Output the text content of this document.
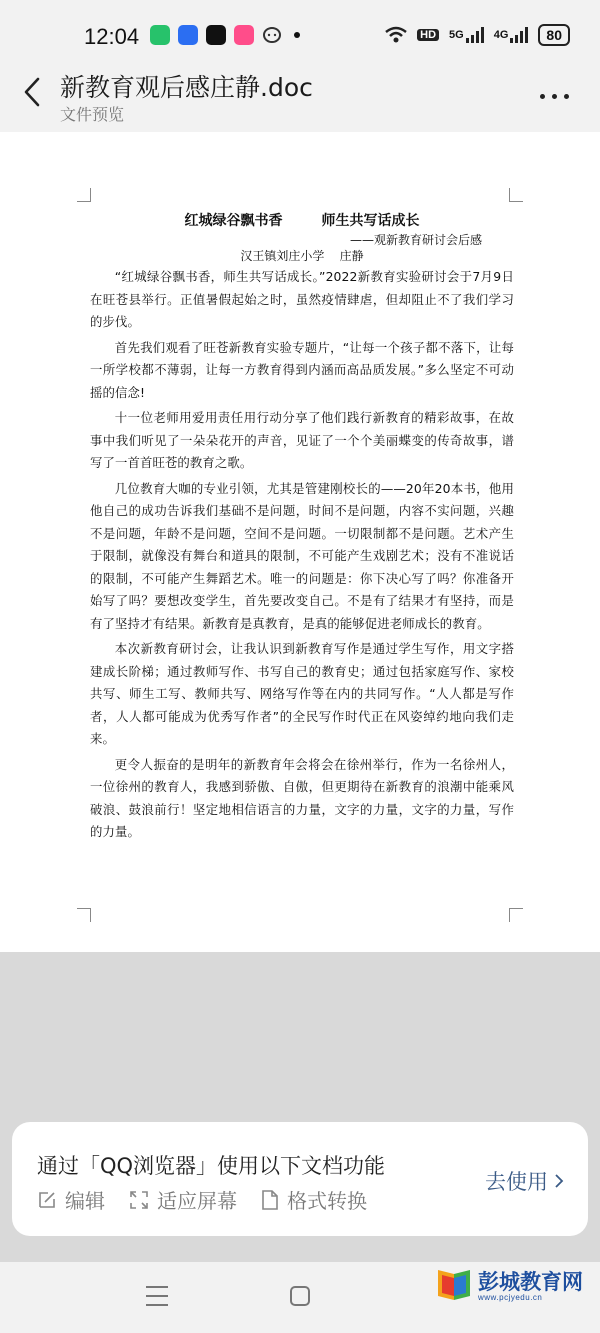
12:04	HD 5G	4G	80
新教育观后感庄静.doc
文件预览
红城绿谷飘书香        师生共写话成长
——观新教育研讨会后感
汉王镇刘庄小学    庄静

“红城绿谷飘书香，师生共写话成长。”2022新教育实验研讨会于7月9日在旺苍县举行。正值暑假起始之时，虽然疫情肆虐，但却阻止不了我们学习的步伐。

首先我们观看了旺苍新教育实验专题片，“让每一个孩子都不落下，让每一所学校都不薄弱，让每一方教育得到内涵而高品质发展。”多么坚定不可动摇的信念!

十一位老师用爱用责任用行动分享了他们践行新教育的精彩故事，在故事中我们听见了一朵朵花开的声音，见证了一个个美丽蝶变的传奇故事，谱写了一首首旺苍的教育之歌。

几位教育大咖的专业引领，尤其是管建刚校长的——20年20本书，他用他自己的成功告诉我们基础不是问题，时间不是问题，内容不实问题，兴趣不是问题，年龄不是问题，空间不是问题。一切限制都不是问题。艺术产生于限制，就像没有舞台和道具的限制，不可能产生戏剧艺术；没有不准说话的限制，不可能产生舞蹈艺术。唯一的问题是：你下决心写了吗？你准备开始写了吗？要想改变学生，首先要改变自己。不是有了结果才有坚持，而是有了坚持才有结果。新教育是真教育，是真的能够促进老师成长的教育。

本次新教育研讨会，让我认识到新教育写作是通过学生写作，用文字搭建成长阶梯；通过教师写作、书写自己的教育史；通过包括家庭写作、家校共写、师生工写、教师共写、网络写作等在内的共同写作。“人人都是写作者，人人都可能成为优秀写作者”的全民写作时代正在风姿绰约地向我们走来。

更令人振奋的是明年的新教育年会将会在徐州举行，作为一名徐州人，一位徐州的教育人，我感到骄傲、自傲，但更期待在新教育的浪潮中能乘风破浪、鼓浪前行！坚定地相信语言的力量，文字的力量，文字的力量，写作的力量。

通过「QQ浏览器」使用以下文档功能
编辑	适应屏幕	格式转换
去使用
彭城教育网
www.pcjyedu.cn
